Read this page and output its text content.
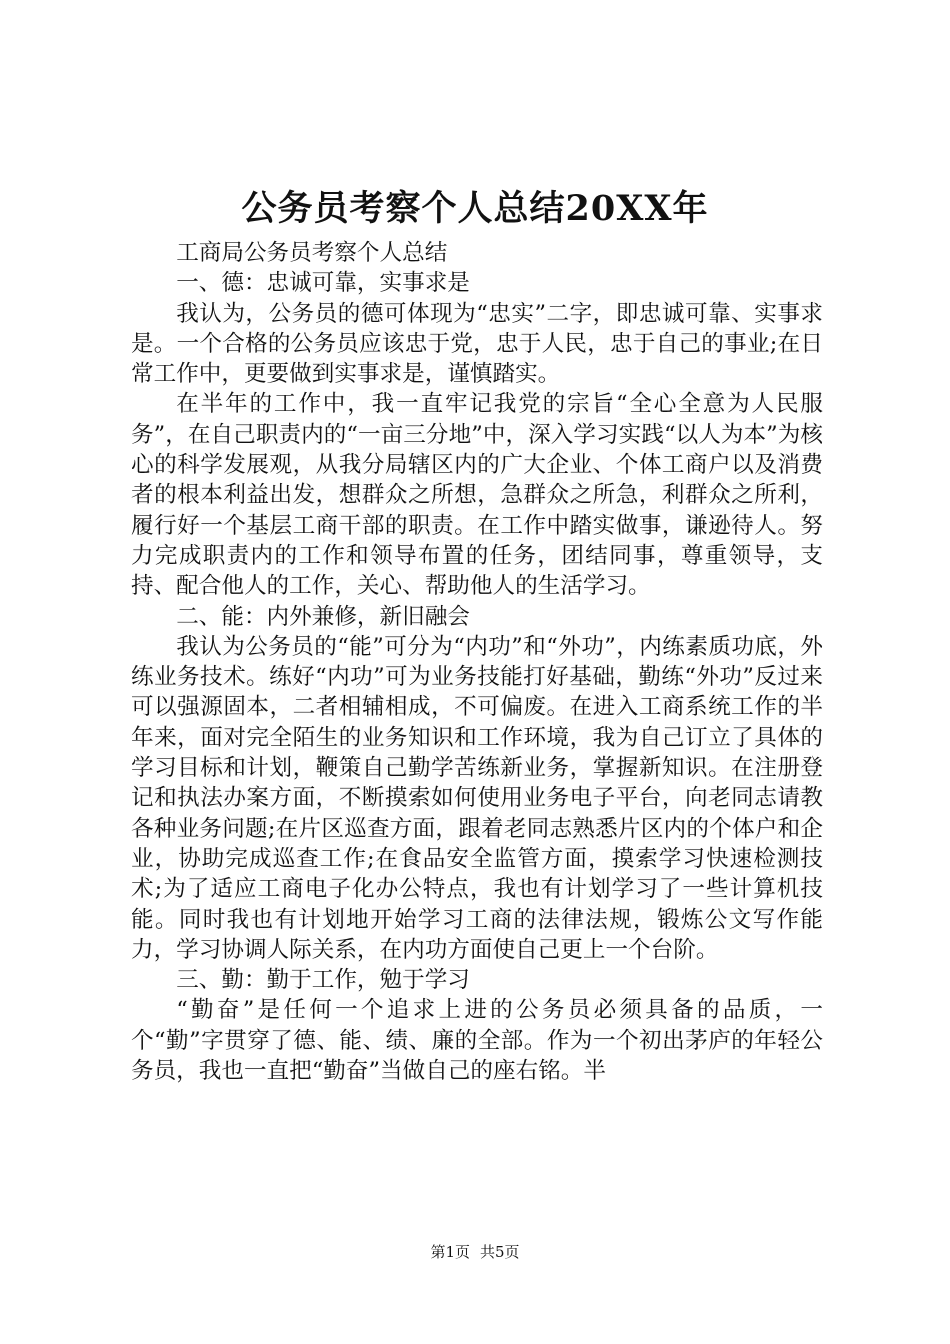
公务员考察个人总结20XX年

工商局公务员考察个人总结

一、德：忠诚可靠，实事求是

我认为，公务员的德可体现为“忠实”二字，即忠诚可靠、实事求是。一个合格的公务员应该忠于党，忠于人民，忠于自己的事业;在日常工作中，更要做到实事求是，谨慎踏实。

在半年的工作中，我一直牢记我党的宗旨“全心全意为人民服务”，在自己职责内的“一亩三分地”中，深入学习实践“以人为本”为核心的科学发展观，从我分局辖区内的广大企业、个体工商户以及消费者的根本利益出发，想群众之所想，急群众之所急，利群众之所利，履行好一个基层工商干部的职责。在工作中踏实做事，谦逊待人。努力完成职责内的工作和领导布置的任务，团结同事，尊重领导，支持、配合他人的工作，关心、帮助他人的生活学习。

二、能：内外兼修，新旧融会

我认为公务员的“能”可分为“内功”和“外功”，内练素质功底，外练业务技术。练好“内功”可为业务技能打好基础，勤练“外功”反过来可以强源固本，二者相辅相成，不可偏废。在进入工商系统工作的半年来，面对完全陌生的业务知识和工作环境，我为自己订立了具体的学习目标和计划，鞭策自己勤学苦练新业务，掌握新知识。在注册登记和执法办案方面，不断摸索如何使用业务电子平台，向老同志请教各种业务问题;在片区巡查方面，跟着老同志熟悉片区内的个体户和企业，协助完成巡查工作;在食品安全监管方面，摸索学习快速检测技术;为了适应工商电子化办公特点，我也有计划学习了一些计算机技能。同时我也有计划地开始学习工商的法律法规，锻炼公文写作能力，学习协调人际关系，在内功方面使自己更上一个台阶。

三、勤：勤于工作，勉于学习

“勤奋”是任何一个追求上进的公务员必须具备的品质，一个“勤”字贯穿了德、能、绩、廉的全部。作为一个初出茅庐的年轻公务员，我也一直把“勤奋”当做自己的座右铭。半

第1页 共5页
